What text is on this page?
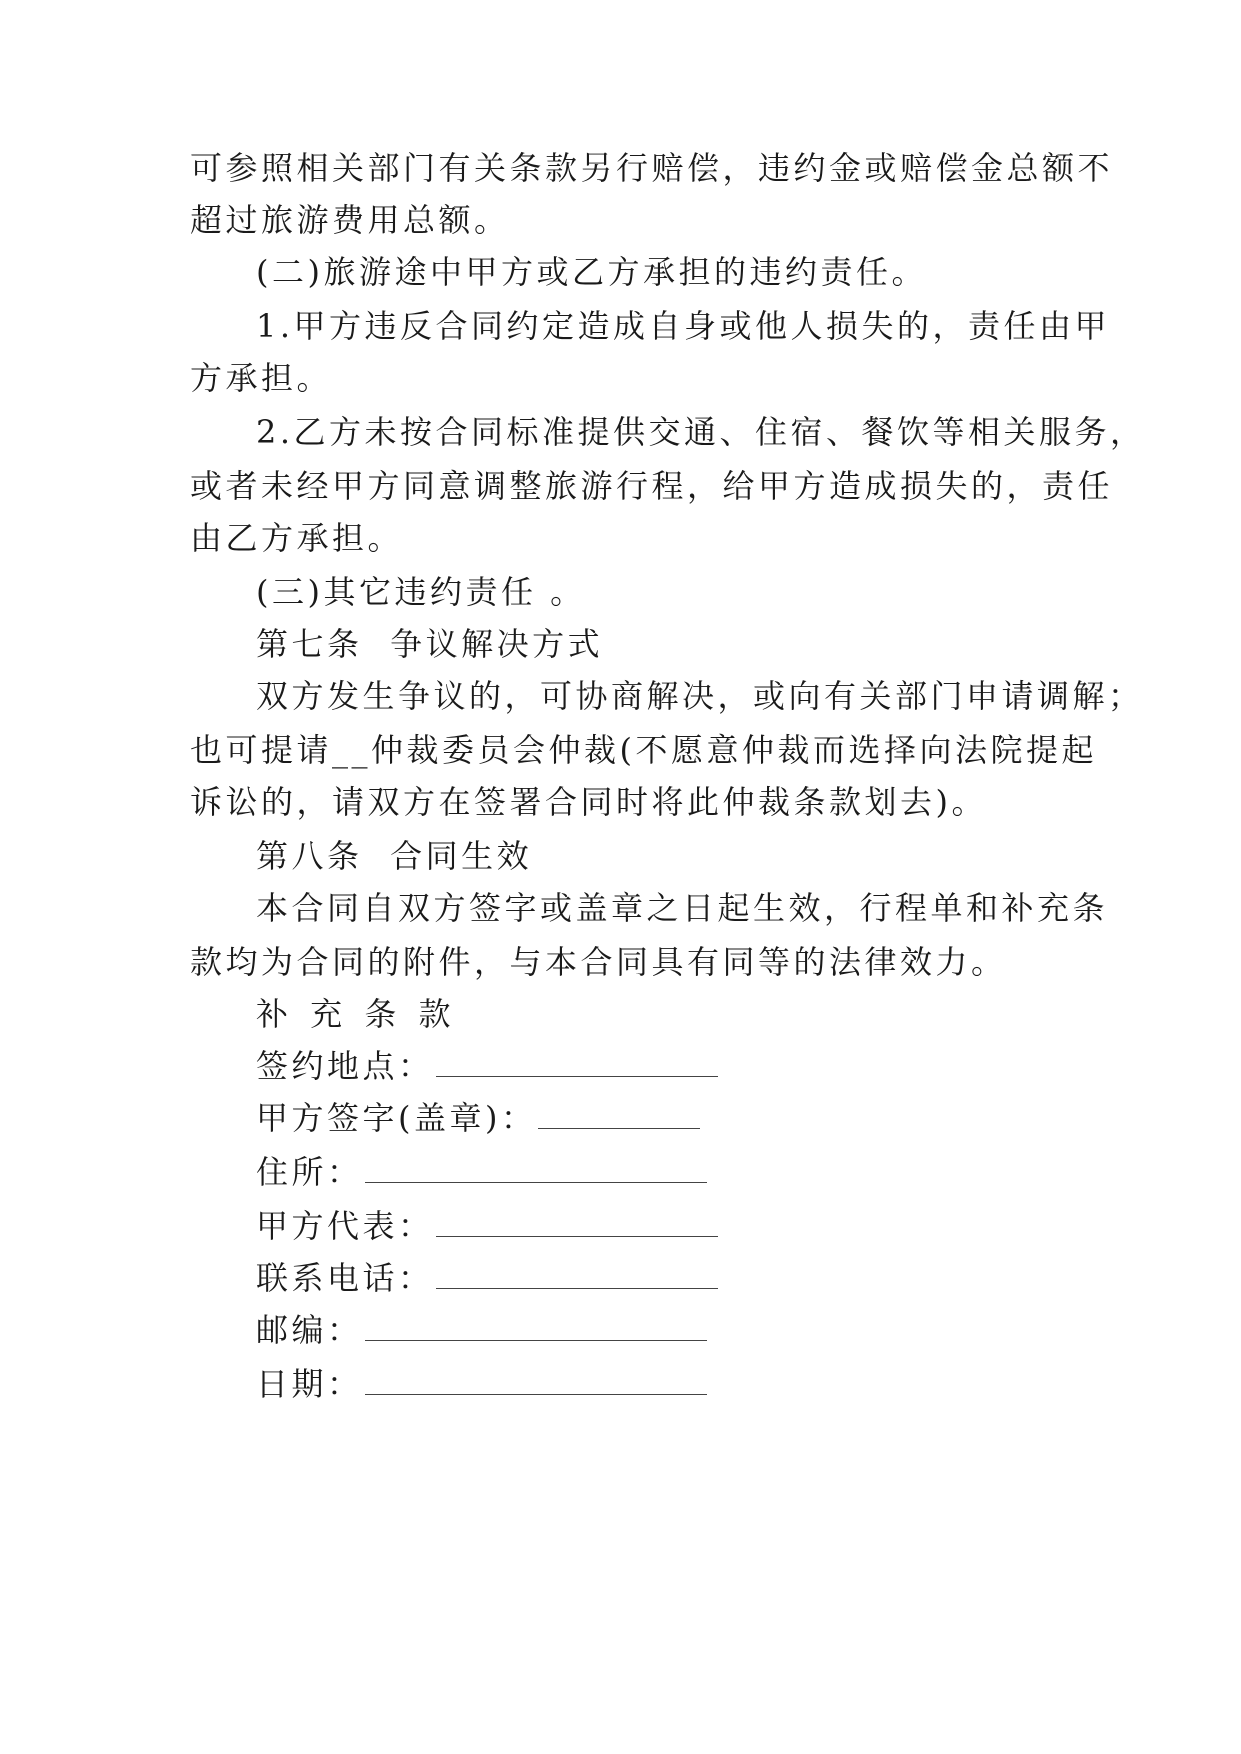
可参照相关部门有关条款另行赔偿，违约金或赔偿金总额不
超过旅游费用总额。
(二)旅游途中甲方或乙方承担的违约责任。
1.甲方违反合同约定造成自身或他人损失的，责任由甲
方承担。
2.乙方未按合同标准提供交通、住宿、餐饮等相关服务，
或者未经甲方同意调整旅游行程，给甲方造成损失的，责任
由乙方承担。
(三)其它违约责任 。
第七条 争议解决方式
双方发生争议的，可协商解决，或向有关部门申请调解；
也可提请__仲裁委员会仲裁(不愿意仲裁而选择向法院提起
诉讼的，请双方在签署合同时将此仲裁条款划去)。
第八条 合同生效
本合同自双方签字或盖章之日起生效，行程单和补充条
款均为合同的附件，与本合同具有同等的法律效力。
补 充 条 款
签约地点：
甲方签字(盖章)：
住所：
甲方代表：
联系电话：
邮编：
日期：
